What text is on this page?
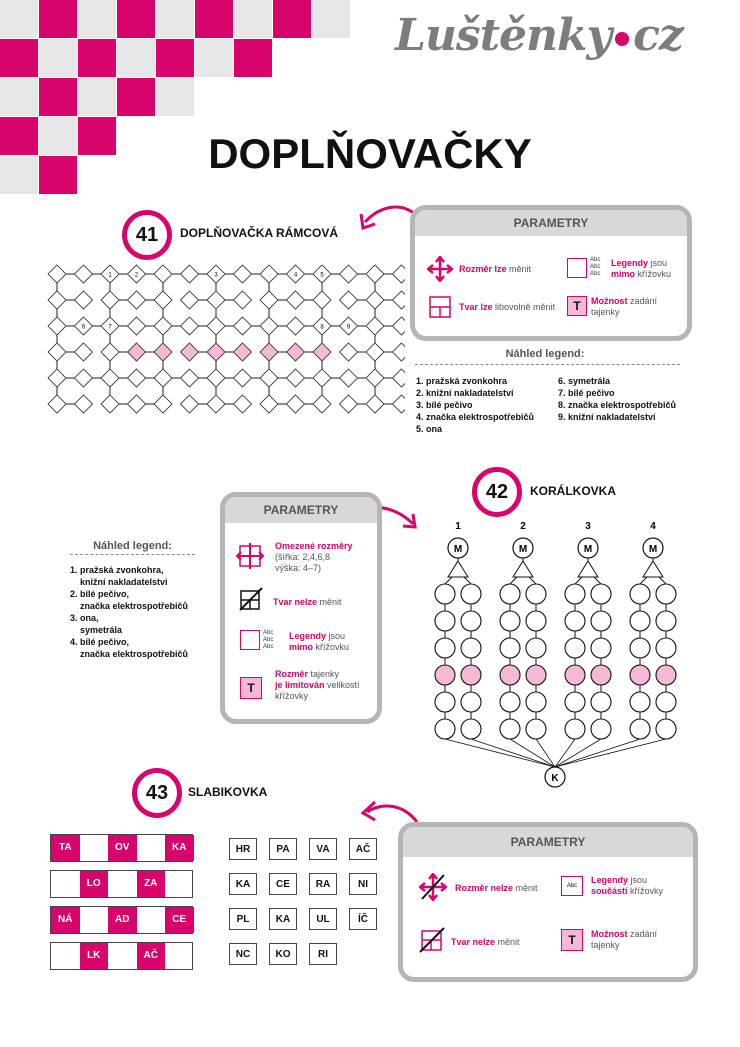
Luštěnky cz
DOPLŇOVAČKY
41	DOPLŇOVAČKA RÁMCOVÁ
1	2	3	4	5
6	7	8	9
PARAMETRY
Rozměr lze měnit
Abc
Abc
Abc
Legendy jsou
mimo křížovku
Tvar lze libovolně měnit	T	Možnost zadání tajenky
Náhled legend:
1. pražská zvonkohra
2. knižní nakladatelství
3. bílé pečivo
4. značka elektrospotřebičů
5. ona
6. symetrála
7. bílé pečivo
8. značka elektrospotřebičů
9. knižní nakladatelství
42	KORÁLKOVKA
PARAMETRY
Omezené rozměry
(šířka: 2,4,6,8
výška: 4–7)
Tvar nelze měnit
Abc
Abc
Abc
Legendy jsou
mimo křížovku
T
Rozměr tajenky
je limitován velikostí
křížovky
Náhled legend:
1. pražská zvonkohra,
knižní nakladatelstvi
2. bílé pečivo,
značka elektrospotřebičů
3. ona,
symetrála
4. bílé pečivo,
značka elektrospotřebičů
1
M
2
M
3
M
4
M
K
43	SLABIKOVKA
TA	OV	KA
LO	ZA
NÁ	AD	CE
LK	AČ
HR	PA	VA	AČ
KA	CE	RA	NI
PL	KA	UL	ÍČ
NC	KO	RI
PARAMETRY
Rozměr nelze měnit	Abc
Legendy jsou
součástí křížovky
Tvar nelze měnit	T	Možnost zadání
tajenky
